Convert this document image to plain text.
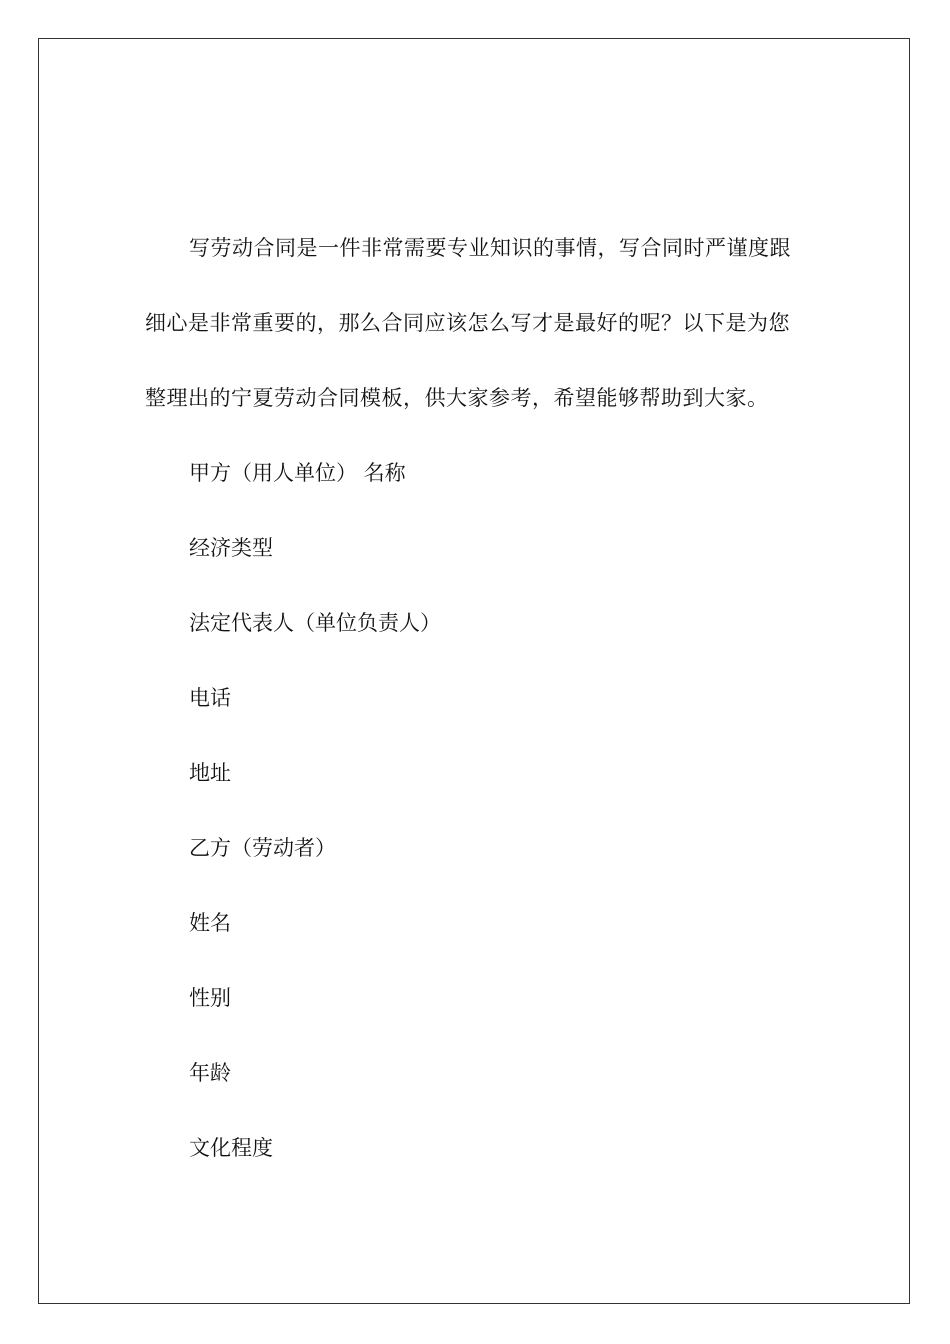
写劳动合同是一件非常需要专业知识的事情，写合同时严谨度跟细心是非常重要的，那么合同应该怎么写才是最好的呢？以下是为您整理出的宁夏劳动合同模板，供大家参考，希望能够帮助到大家。

甲方（用人单位） 名称

经济类型

法定代表人（单位负责人）

电话

地址

乙方（劳动者）

姓名

性别

年龄

文化程度
